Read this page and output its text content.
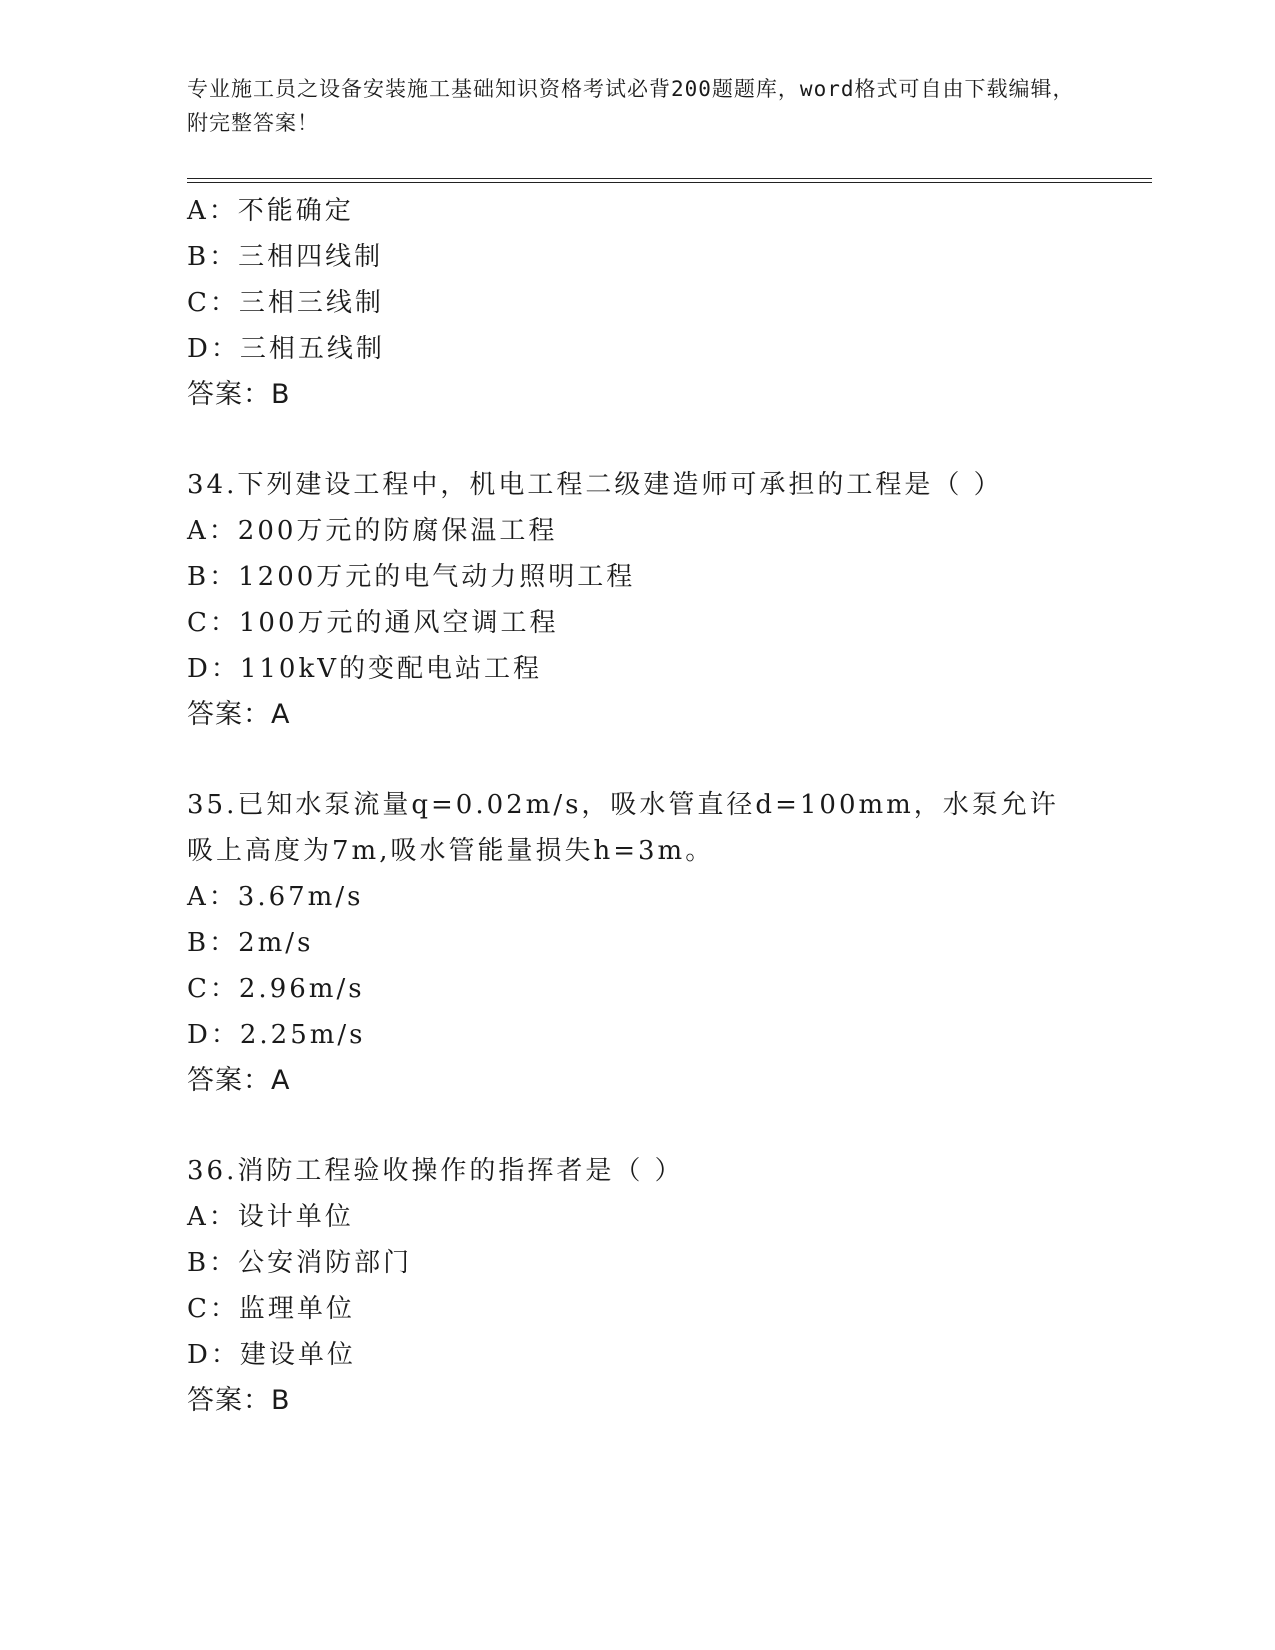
专业施工员之设备安装施工基础知识资格考试必背200题题库，word格式可自由下载编辑，附完整答案！
A：不能确定
B：三相四线制
C：三相三线制
D：三相五线制
答案：B
34.下列建设工程中，机电工程二级建造师可承担的工程是（ ）
A：200万元的防腐保温工程
B：1200万元的电气动力照明工程
C：100万元的通风空调工程
D：110kV的变配电站工程
答案：A
35.已知水泵流量q=0.02m/s，吸水管直径d=100mm，水泵允许吸上高度为7m,吸水管能量损失h=3m。
A：3.67m/s
B：2m/s
C：2.96m/s
D：2.25m/s
答案：A
36.消防工程验收操作的指挥者是（ ）
A：设计单位
B：公安消防部门
C：监理单位
D：建设单位
答案：B
